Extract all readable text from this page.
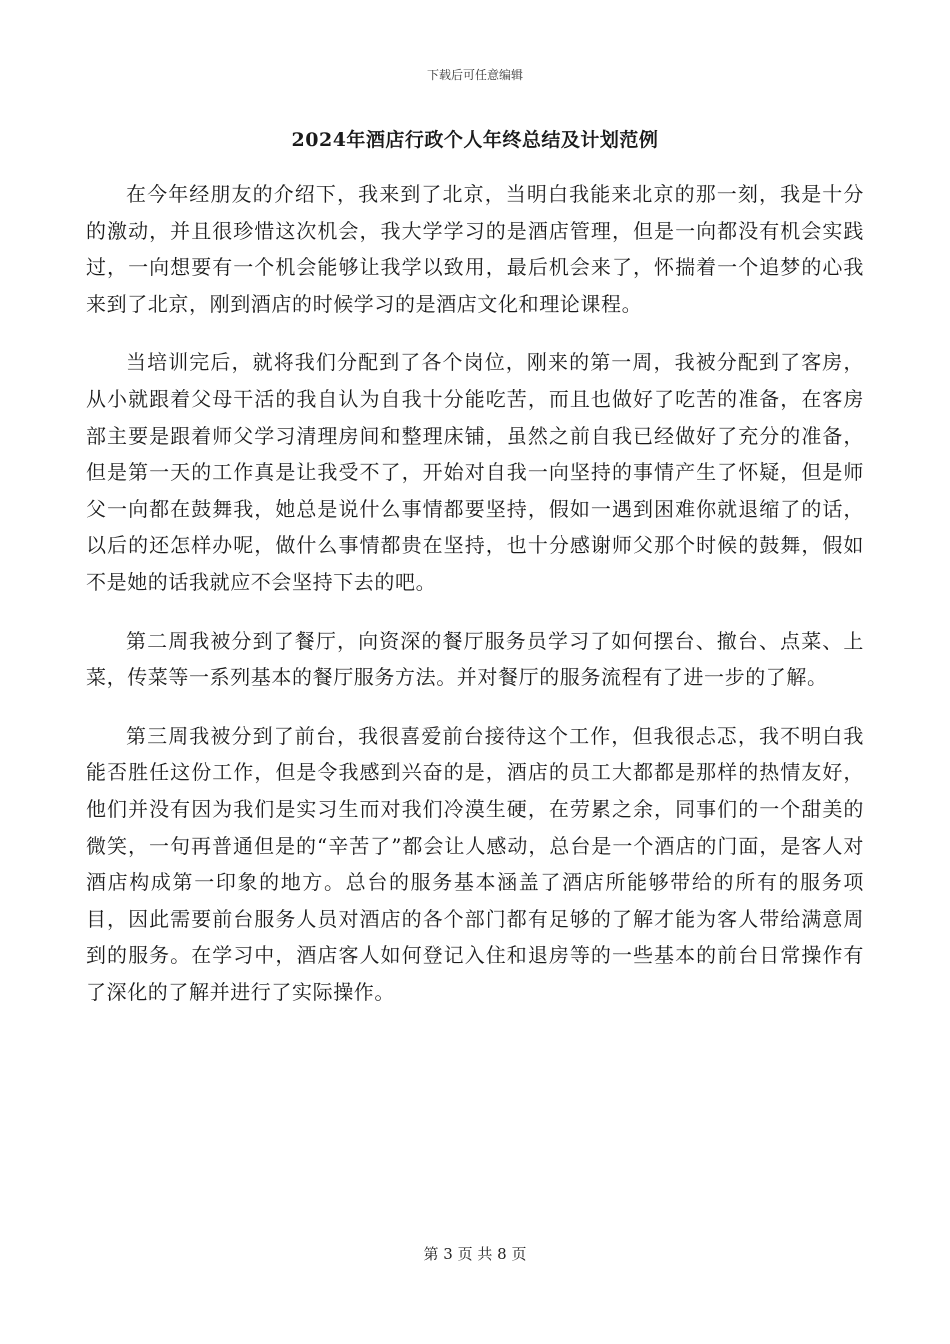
下载后可任意编辑
2024年酒店行政个人年终总结及计划范例

在今年经朋友的介绍下，我来到了北京，当明白我能来北京的那一刻，我是十分的激动，并且很珍惜这次机会，我大学学习的是酒店管理，但是一向都没有机会实践过，一向想要有一个机会能够让我学以致用，最后机会来了，怀揣着一个追梦的心我来到了北京，刚到酒店的时候学习的是酒店文化和理论课程。

当培训完后，就将我们分配到了各个岗位，刚来的第一周，我被分配到了客房，从小就跟着父母干活的我自认为自我十分能吃苦，而且也做好了吃苦的准备，在客房部主要是跟着师父学习清理房间和整理床铺，虽然之前自我已经做好了充分的准备，但是第一天的工作真是让我受不了，开始对自我一向坚持的事情产生了怀疑，但是师父一向都在鼓舞我，她总是说什么事情都要坚持，假如一遇到困难你就退缩了的话，以后的还怎样办呢，做什么事情都贵在坚持，也十分感谢师父那个时候的鼓舞，假如不是她的话我就应不会坚持下去的吧。

第二周我被分到了餐厅，向资深的餐厅服务员学习了如何摆台、撤台、点菜、上菜，传菜等一系列基本的餐厅服务方法。并对餐厅的服务流程有了进一步的了解。

第三周我被分到了前台，我很喜爱前台接待这个工作，但我很忐忑，我不明白我能否胜任这份工作，但是令我感到兴奋的是，酒店的员工大都都是那样的热情友好，他们并没有因为我们是实习生而对我们冷漠生硬，在劳累之余，同事们的一个甜美的微笑，一句再普通但是的“辛苦了”都会让人感动，总台是一个酒店的门面，是客人对酒店构成第一印象的地方。总台的服务基本涵盖了酒店所能够带给的所有的服务项目，因此需要前台服务人员对酒店的各个部门都有足够的了解才能为客人带给满意周到的服务。在学习中，酒店客人如何登记入住和退房等的一些基本的前台日常操作有了深化的了解并进行了实际操作。

第 3 页 共 8 页
